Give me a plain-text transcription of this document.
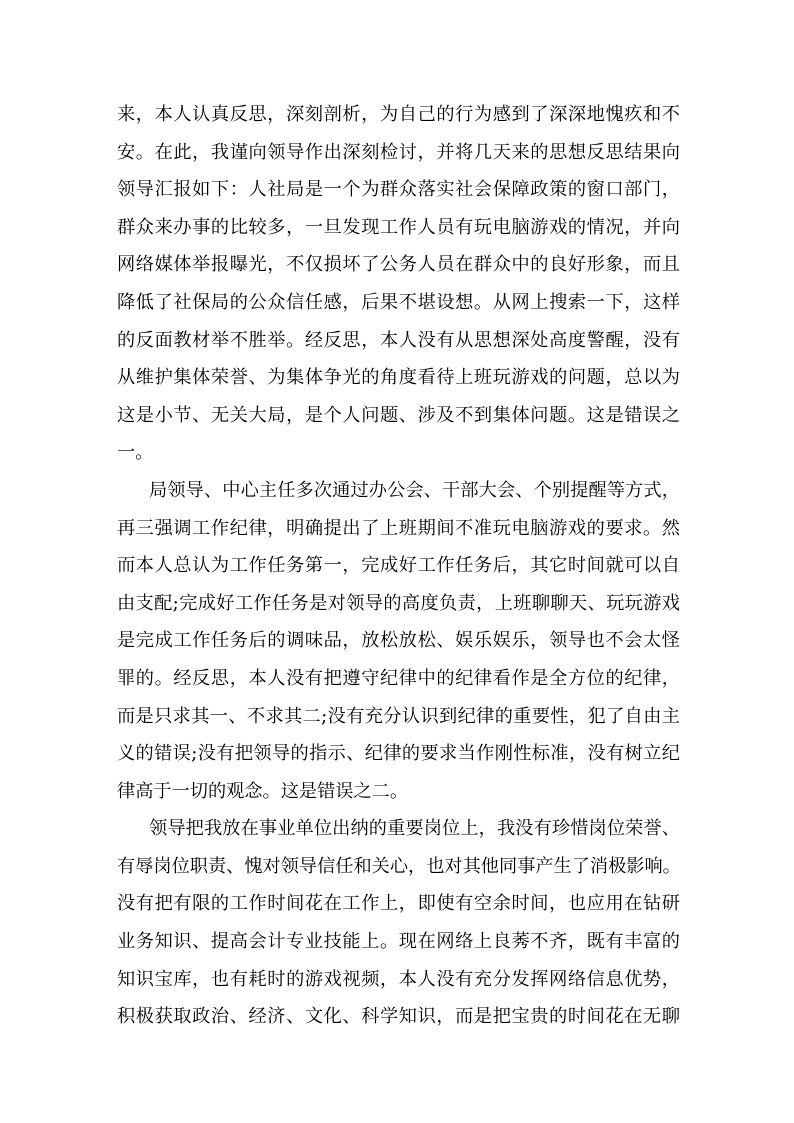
来，本人认真反思，深刻剖析，为自己的行为感到了深深地愧疚和不
安。在此，我谨向领导作出深刻检讨，并将几天来的思想反思结果向
领导汇报如下：人社局是一个为群众落实社会保障政策的窗口部门，
群众来办事的比较多，一旦发现工作人员有玩电脑游戏的情况，并向
网络媒体举报曝光，不仅损坏了公务人员在群众中的良好形象，而且
降低了社保局的公众信任感，后果不堪设想。从网上搜索一下，这样
的反面教材举不胜举。经反思，本人没有从思想深处高度警醒，没有
从维护集体荣誉、为集体争光的角度看待上班玩游戏的问题，总以为
这是小节、无关大局，是个人问题、涉及不到集体问题。这是错误之
一。
局领导、中心主任多次通过办公会、干部大会、个别提醒等方式，
再三强调工作纪律，明确提出了上班期间不准玩电脑游戏的要求。然
而本人总认为工作任务第一，完成好工作任务后，其它时间就可以自
由支配;完成好工作任务是对领导的高度负责，上班聊聊天、玩玩游戏
是完成工作任务后的调味品，放松放松、娱乐娱乐，领导也不会太怪
罪的。经反思，本人没有把遵守纪律中的纪律看作是全方位的纪律，
而是只求其一、不求其二;没有充分认识到纪律的重要性，犯了自由主
义的错误;没有把领导的指示、纪律的要求当作刚性标准，没有树立纪
律高于一切的观念。这是错误之二。
领导把我放在事业单位出纳的重要岗位上，我没有珍惜岗位荣誉、
有辱岗位职责、愧对领导信任和关心，也对其他同事产生了消极影响。
没有把有限的工作时间花在工作上，即使有空余时间，也应用在钻研
业务知识、提高会计专业技能上。现在网络上良莠不齐，既有丰富的
知识宝库，也有耗时的游戏视频，本人没有充分发挥网络信息优势，
积极获取政治、经济、文化、科学知识，而是把宝贵的时间花在无聊
